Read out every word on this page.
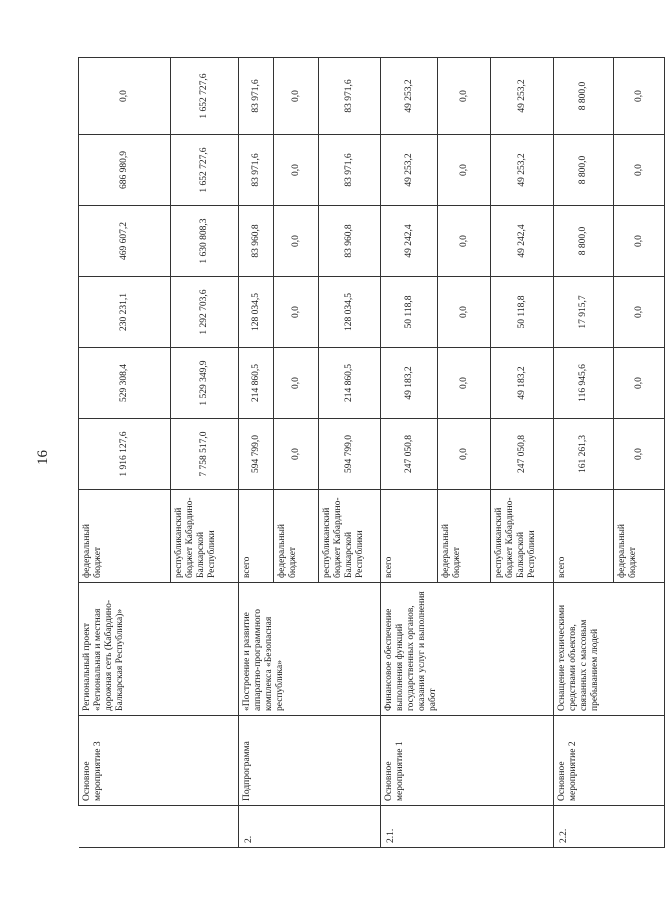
16
	Основное мероприятие 3	Региональный проект «Региональная и местная дорожная сеть (Кабардино-Балкарская Республика)»	федеральный бюджет	1 916 127,6	529 308,4	230 231,1	469 607,2	686 980,9	0,0
			республиканский бюджет Кабардино-Балкарской Республики	7 758 517,0	1 529 349,9	1 292 703,6	1 630 808,3	1 652 727,6	1 652 727,6
2.	Подпрограмма	«Построение и развитие аппаратно-программного комплекса «Безопасная республика»	всего	594 799,0	214 860,5	128 034,5	83 960,8	83 971,6	83 971,6
			федеральный бюджет	0,0	0,0	0,0	0,0	0,0	0,0
			республиканский бюджет Кабардино-Балкарской Республики	594 799,0	214 860,5	128 034,5	83 960,8	83 971,6	83 971,6
2.1.	Основное мероприятие 1	Финансовое обеспечение выполнения функций государственных органов, оказания услуг и выполнения работ	всего	247 050,8	49 183,2	50 118,8	49 242,4	49 253,2	49 253,2
			федеральный бюджет	0,0	0,0	0,0	0,0	0,0	0,0
			республиканский бюджет Кабардино-Балкарской Республики	247 050,8	49 183,2	50 118,8	49 242,4	49 253,2	49 253,2
2.2.	Основное мероприятие 2	Оснащение техническими средствами объектов, связанных с массовым пребыванием людей	всего	161 261,3	116 945,6	17 915,7	8 800,0	8 800,0	8 800,0
			федеральный бюджет	0,0	0,0	0,0	0,0	0,0	0,0
